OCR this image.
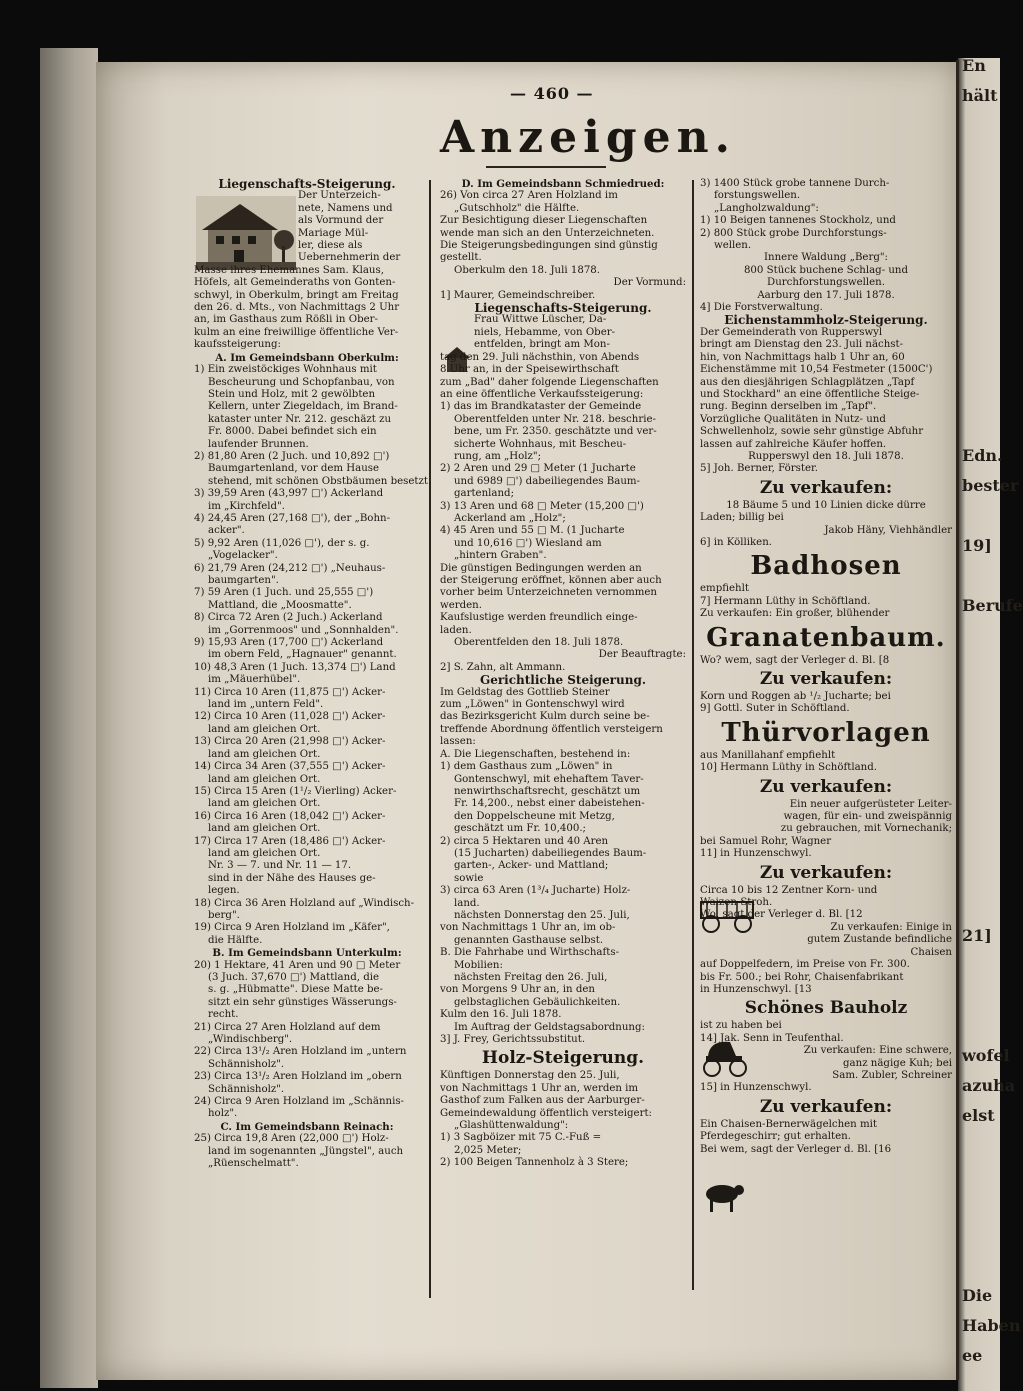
En
hält
Edn.
bester
19]
Berufe
21]
wofel
azuha
elst
Die
Haben
ee
— 460 —
Anzeigen.

Liegenschafts-Steigerung.

Der Unterzeich-

nete, Namens und

als Vormund der

Mariage Mül-

ler, diese als

Uebernehmerin der

Masse ihres Ehemannes Sam. Klaus,

Höfels, alt Gemeinderaths von Gonten-

schwyl, in Oberkulm, bringt am Freitag

den 26. d. Mts., von Nachmittags 2 Uhr

an, im Gasthaus zum Rößli in Ober-

kulm an eine freiwillige öffentliche Ver-

kaufssteigerung:

A. Im Gemeindsbann Oberkulm:

1) Ein zweistöckiges Wohnhaus mit

Bescheurung und Schopfanbau, von

Stein und Holz, mit 2 gewölbten

Kellern, unter Ziegeldach, im Brand-

kataster unter Nr. 212. geschäzt zu

Fr. 8000. Dabei befindet sich ein

laufender Brunnen.

2) 81,80 Aren (2 Juch. und 10,892 □')

Baumgartenland, vor dem Hause

stehend, mit schönen Obstbäumen besetzt.

3) 39,59 Aren (43,997 □') Ackerland

im „Kirchfeld".

4) 24,45 Aren (27,168 □'), der „Bohn-

acker".

5) 9,92 Aren (11,026 □'), der s. g.

„Vogelacker".

6) 21,79 Aren (24,212 □') „Neuhaus-

baumgarten".

7) 59 Aren (1 Juch. und 25,555 □')

Mattland, die „Moosmatte".

8) Circa 72 Aren (2 Juch.) Ackerland

im „Gorrenmoos" und „Sonnhalden".

9) 15,93 Aren (17,700 □') Ackerland

im obern Feld, „Hagnauer" genannt.

10) 48,3 Aren (1 Juch. 13,374 □') Land

im „Mäuerhübel".

11) Circa 10 Aren (11,875 □') Acker-

land im „untern Feld".

12) Circa 10 Aren (11,028 □') Acker-

land am gleichen Ort.

13) Circa 20 Aren (21,998 □') Acker-

land am gleichen Ort.

14) Circa 34 Aren (37,555 □') Acker-

land am gleichen Ort.

15) Circa 15 Aren (1¹/₂ Vierling) Acker-

land am gleichen Ort.

16) Circa 16 Aren (18,042 □') Acker-

land am gleichen Ort.

17) Circa 17 Aren (18,486 □') Acker-

land am gleichen Ort.

Nr. 3 — 7. und Nr. 11 — 17.

sind in der Nähe des Hauses ge-

legen.

18) Circa 36 Aren Holzland auf „Windisch-

berg".

19) Circa 9 Aren Holzland im „Käfer",

die Hälfte.

B. Im Gemeindsbann Unterkulm:

20) 1 Hektare, 41 Aren und 90 □ Meter

(3 Juch. 37,670 □') Mattland, die

s. g. „Hübmatte". Diese Matte be-

sitzt ein sehr günstiges Wässerungs-

recht.

21) Circa 27 Aren Holzland auf dem

„Windischberg".

22) Circa 13¹/₂ Aren Holzland im „untern

Schännisholz".

23) Circa 13¹/₂ Aren Holzland im „obern

Schännisholz".

24) Circa 9 Aren Holzland im „Schännis-

holz".

C. Im Gemeindsbann Reinach:

25) Circa 19,8 Aren (22,000 □') Holz-

land im sogenannten „Jüngstel", auch

„Rüenschelmatt".

D. Im Gemeindsbann Schmiedrued:

26) Von circa 27 Aren Holzland im

„Gutschholz" die Hälfte.

Zur Besichtigung dieser Liegenschaften

wende man sich an den Unterzeichneten.

Die Steigerungsbedingungen sind günstig

gestellt.

Oberkulm den 18. Juli 1878.

Der Vormund:

1] Maurer, Gemeindschreiber.

Liegenschafts-Steigerung.

Frau Wittwe Lüscher, Da-

niels, Hebamme, von Ober-

entfelden, bringt am Mon-

tag den 29. Juli nächsthin, von Abends

8 Uhr an, in der Speisewirthschaft

zum „Bad" daher folgende Liegenschaften

an eine öffentliche Verkaufssteigerung:

1) das im Brandkataster der Gemeinde

Oberentfelden unter Nr. 218. beschrie-

bene, um Fr. 2350. geschätzte und ver-

sicherte Wohnhaus, mit Bescheu-

rung, am „Holz";

2) 2 Aren und 29 □ Meter (1 Jucharte

und 6989 □') dabeiliegendes Baum-

gartenland;

3) 13 Aren und 68 □ Meter (15,200 □')

Ackerland am „Holz";

4) 45 Aren und 55 □ M. (1 Jucharte

und 10,616 □') Wiesland am

„hintern Graben".

Die günstigen Bedingungen werden an

der Steigerung eröffnet, können aber auch

vorher beim Unterzeichneten vernommen

werden.

Kaufslustige werden freundlich einge-

laden.

Oberentfelden den 18. Juli 1878.

Der Beauftragte:

2] S. Zahn, alt Ammann.

Gerichtliche Steigerung.

Im Geldstag des Gottlieb Steiner

zum „Löwen" in Gontenschwyl wird

das Bezirksgericht Kulm durch seine be-

treffende Abordnung öffentlich versteigern

lassen:

A. Die Liegenschaften, bestehend in:

1) dem Gasthaus zum „Löwen" in

Gontenschwyl, mit ehehaftem Taver-

nenwirthschaftsrecht, geschätzt um

Fr. 14,200., nebst einer dabeistehen-

den Doppelscheune mit Metzg,

geschätzt um Fr. 10,400.;

2) circa 5 Hektaren und 40 Aren

(15 Jucharten) dabeiliegendes Baum-

garten-, Acker- und Mattland;

sowie

3) circa 63 Aren (1³/₄ Jucharte) Holz-

land.

nächsten Donnerstag den 25. Juli,

von Nachmittags 1 Uhr an, im ob-

genannten Gasthause selbst.

B. Die Fahrhabe und Wirthschafts-

Mobilien:

nächsten Freitag den 26. Juli,

von Morgens 9 Uhr an, in den

gelbstaglichen Gebäulichkeiten.

Kulm den 16. Juli 1878.

Im Auftrag der Geldstagsabordnung:

3] J. Frey, Gerichtssubstitut.

Holz-Steigerung.

Künftigen Donnerstag den 25. Juli,

von Nachmittags 1 Uhr an, werden im

Gasthof zum Falken aus der Aarburger-

Gemeindewaldung öffentlich versteigert:

„Glashüttenwaldung":

1) 3 Sagböizer mit 75 C.-Fuß =

2,025 Meter;

2) 100 Beigen Tannenholz à 3 Stere;

3) 1400 Stück grobe tannene Durch-

forstungswellen.

„Langholzwaldung":

1) 10 Beigen tannenes Stockholz, und

2) 800 Stück grobe Durchforstungs-

wellen.

Innere Waldung „Berg":

800 Stück buchene Schlag- und

Durchforstungswellen.

Aarburg den 17. Juli 1878.

4] Die Forstverwaltung.

Eichenstammholz-Steigerung.

Der Gemeinderath von Rupperswyl

bringt am Dienstag den 23. Juli nächst-

hin, von Nachmittags halb 1 Uhr an, 60

Eichenstämme mit 10,54 Festmeter (1500C')

aus den diesjährigen Schlagplätzen „Tapf

und Stockhard" an eine öffentliche Steige-

rung. Beginn derselben im „Tapf".

Vorzügliche Qualitäten in Nutz- und

Schwellenholz, sowie sehr günstige Abfuhr

lassen auf zahlreiche Käufer hoffen.

Rupperswyl den 18. Juli 1878.

5] Joh. Berner, Förster.

Zu verkaufen:

18 Bäume 5 und 10 Linien dicke dürre

Laden; billig bei

Jakob Häny, Viehhändler

6] in Kölliken.

Badhosen

empfiehlt

7] Hermann Lüthy in Schöftland.

Zu verkaufen: Ein großer, blühender

Granatenbaum.

Wo? wem, sagt der Verleger d. Bl. [8

Zu verkaufen:

Korn und Roggen ab ¹/₂ Jucharte; bei

9] Gottl. Suter in Schöftland.

Thürvorlagen

aus Manillahanf empfiehlt

10] Hermann Lüthy in Schöftland.

Zu verkaufen:

Ein neuer aufgerüsteter Leiter-

wagen, für ein- und zweispännig

zu gebrauchen, mit Vornechanik;

bei Samuel Rohr, Wagner

11] in Hunzenschwyl.

Zu verkaufen:

Circa 10 bis 12 Zentner Korn- und

Waizen-Stroh.

Wo, sagt der Verleger d. Bl. [12

Zu verkaufen: Einige in

gutem Zustande befindliche

Chaisen

auf Doppelfedern, im Preise von Fr. 300.

bis Fr. 500.; bei Rohr, Chaisenfabrikant

in Hunzenschwyl. [13

Schönes Bauholz

ist zu haben bei

14] Jak. Senn in Teufenthal.

Zu verkaufen: Eine schwere,

ganz nägige Kuh; bei

Sam. Zubler, Schreiner

15] in Hunzenschwyl.

Zu verkaufen:

Ein Chaisen-Bernerwägelchen mit

Pferdegeschirr; gut erhalten.

Bei wem, sagt der Verleger d. Bl. [16
